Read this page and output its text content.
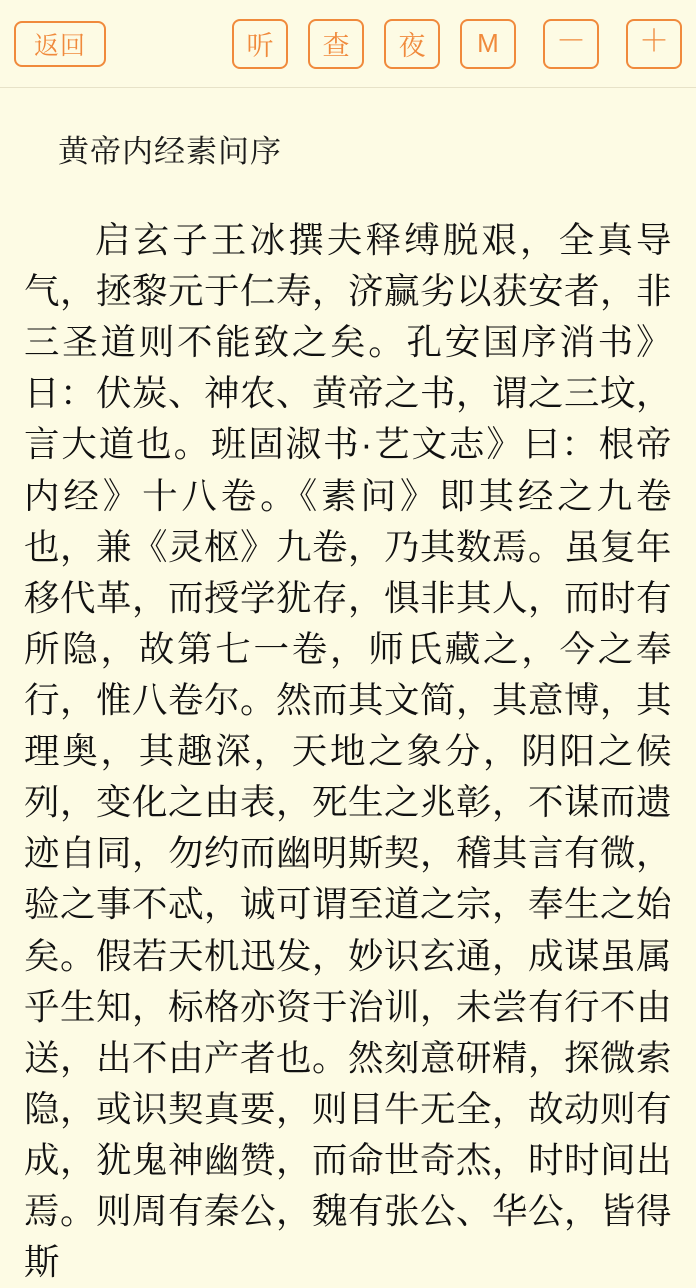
返回	听	查	夜	M	－	＋
黄帝内经素问序
启玄子王冰撰夫释缚脱艰，全真导气，拯黎元于仁寿，济赢劣以获安者，非三圣道则不能致之矣。孔安国序消书》日：伏炭、神农、黄帝之书，谓之三坟，言大道也。班固淑书·艺文志》曰：根帝内经》十八卷。《素问》即其经之九卷也，兼《灵枢》九卷，乃其数焉。虽复年移代革，而授学犹存，惧非其人，而时有所隐，故第七一卷，师氏藏之，今之奉行，惟八卷尔。然而其文简，其意博，其理奥，其趣深，天地之象分，阴阳之候列，变化之由表，死生之兆彰，不谋而遗迹自同，勿约而幽明斯契，稽其言有微，验之事不忒，诚可谓至道之宗，奉生之始矣。假若天机迅发，妙识玄通，成谋虽属乎生知，标格亦资于治训，未尝有行不由送，出不由产者也。然刻意研精，探微索隐，或识契真要，则目牛无全，故动则有成，犹鬼神幽赞，而命世奇杰，时时间出焉。则周有秦公，魏有张公、华公，皆得斯
